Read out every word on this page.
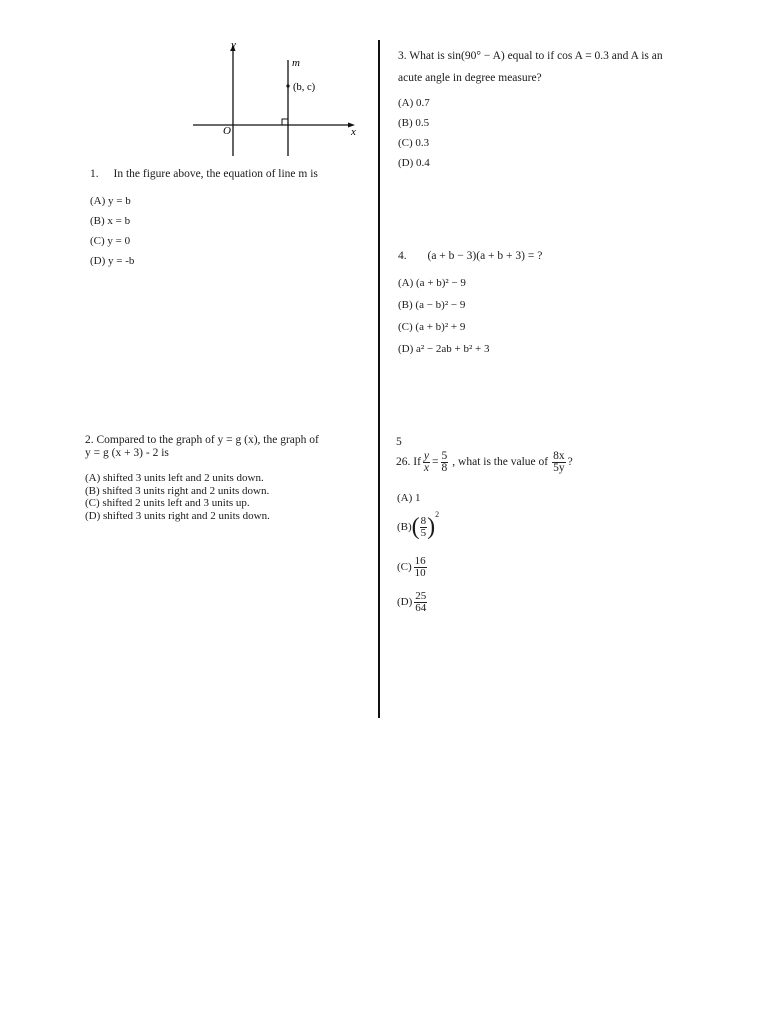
y
x
O
m
(b, c)
1. In the figure above, the equation of line m is
(A) y = b
(B) x = b
(C) y = 0
(D) y = -b
2. Compared to the graph of y = g (x), the graph of
y = g (x + 3) - 2 is
(A) shifted 3 units left and 2 units down.
(B) shifted 3 units right and 2 units down.
(C) shifted 2 units left and 3 units up.
(D) shifted 3 units right and 2 units down.
3. What is sin(90° − A) equal to if cos A = 0.3 and A is an
acute angle in degree measure?
(A) 0.7
(B) 0.5
(C) 0.3
(D) 0.4
4. (a + b − 3)(a + b + 3) = ?
(A) (a + b)² − 9
(B) (a − b)² − 9
(C) (a + b)² + 9
(D) a² − 2ab + b² + 3
5
26. If $\frac{y}{x} = \frac{5}{8}$ , what is the value of $\frac{8x}{5y}$ ?
(A) 1
(B) ( $\frac{8}{5} )^2$
$(C) \frac{16}{10}$
$(D) \frac{25}{64}$
